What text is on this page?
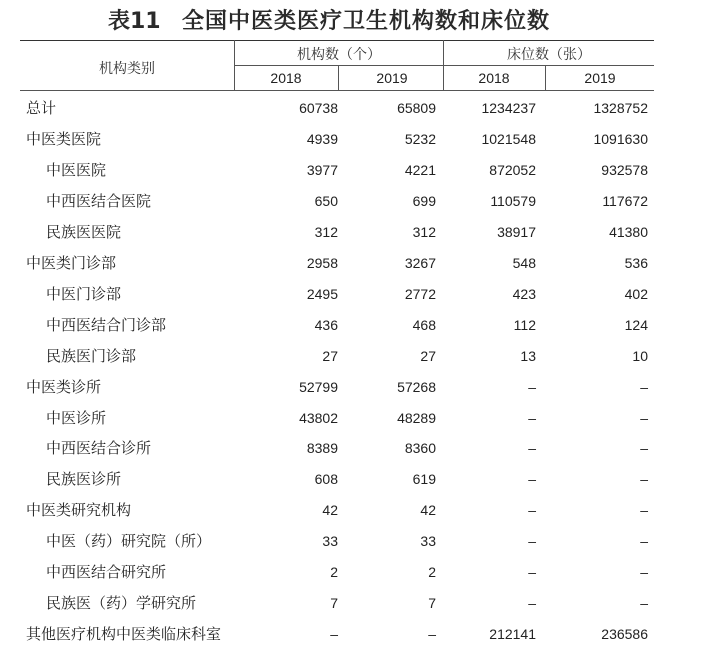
表11

全国中医类医疗卫生机构数和床位数

机构类别
机构数（个）	床位数（张）
2018	2019	2018	2019
总计	60738	65809	1234237	1328752
中医类医院	4939	5232	1021548	1091630
中医医院	3977	4221	872052	932578
中西医结合医院	650	699	110579	117672
民族医医院	312	312	38917	41380
中医类门诊部	2958	3267	548	536
中医门诊部	2495	2772	423	402
中西医结合门诊部	436	468	112	124
民族医门诊部	27	27	13	10
中医类诊所	52799	57268	–	–
中医诊所	43802	48289	–	–
中西医结合诊所	8389	8360	–	–
民族医诊所	608	619	–	–
中医类研究机构	42	42	–	–
中医（药）研究院（所）	33	33	–	–
中西医结合研究所	2	2	–	–
民族医（药）学研究所	7	7	–	–
其他医疗机构中医类临床科室	–	–	212141	236586
